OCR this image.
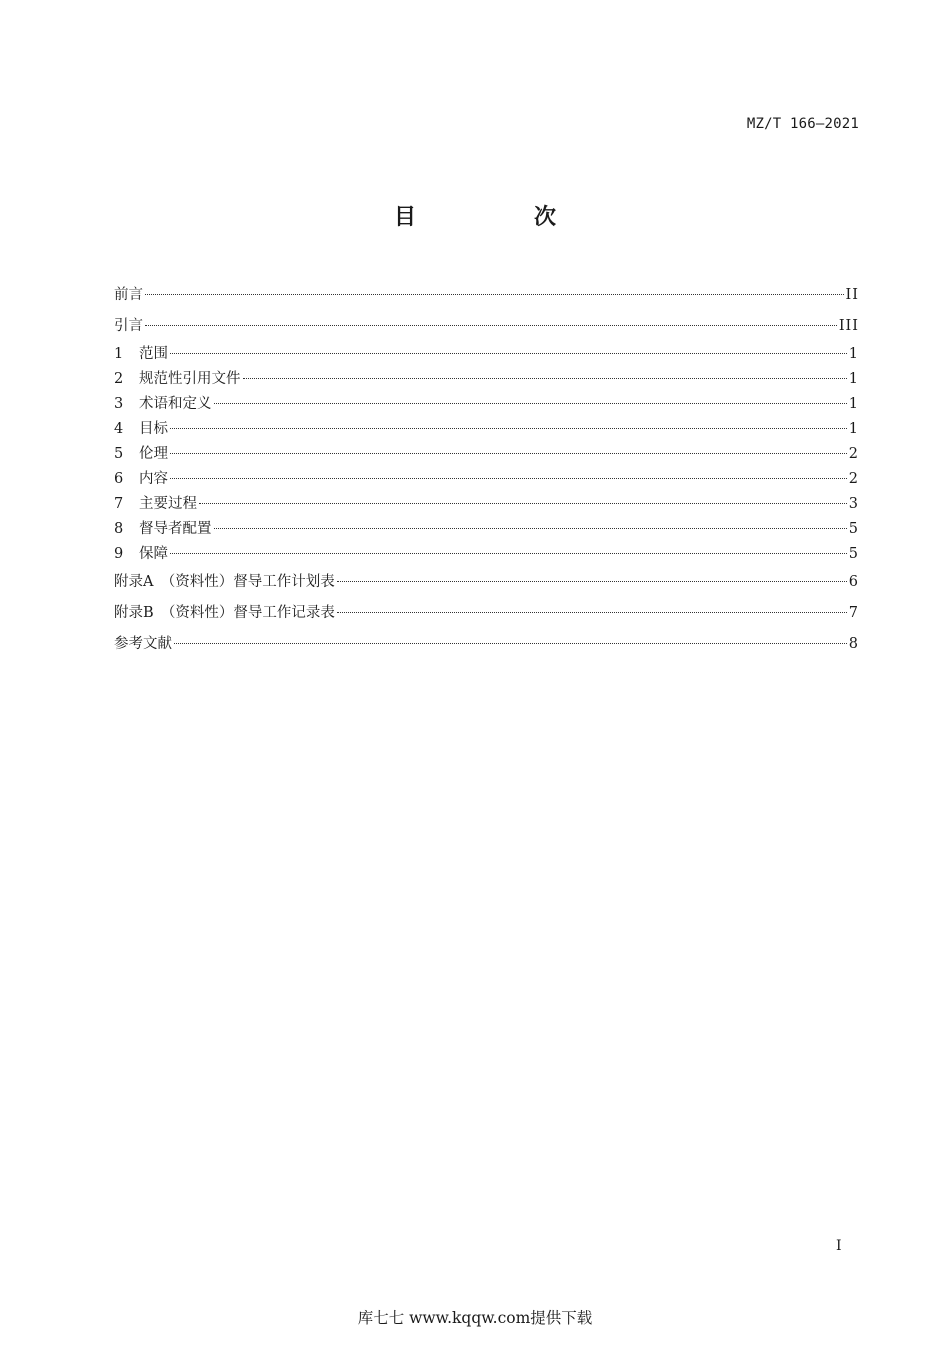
MZ/T 166—2021
目　次
前言	II
引言	III
1	范围	1
2	规范性引用文件	1
3	术语和定义	1
4	目标	1
5	伦理	2
6	内容	2
7	主要过程	3
8	督导者配置	5
9	保障	5
附录A　（资料性）督导工作计划表	6
附录B　（资料性）督导工作记录表	7
参考文献	8
I
库七七 www.kqqw.com提供下载
